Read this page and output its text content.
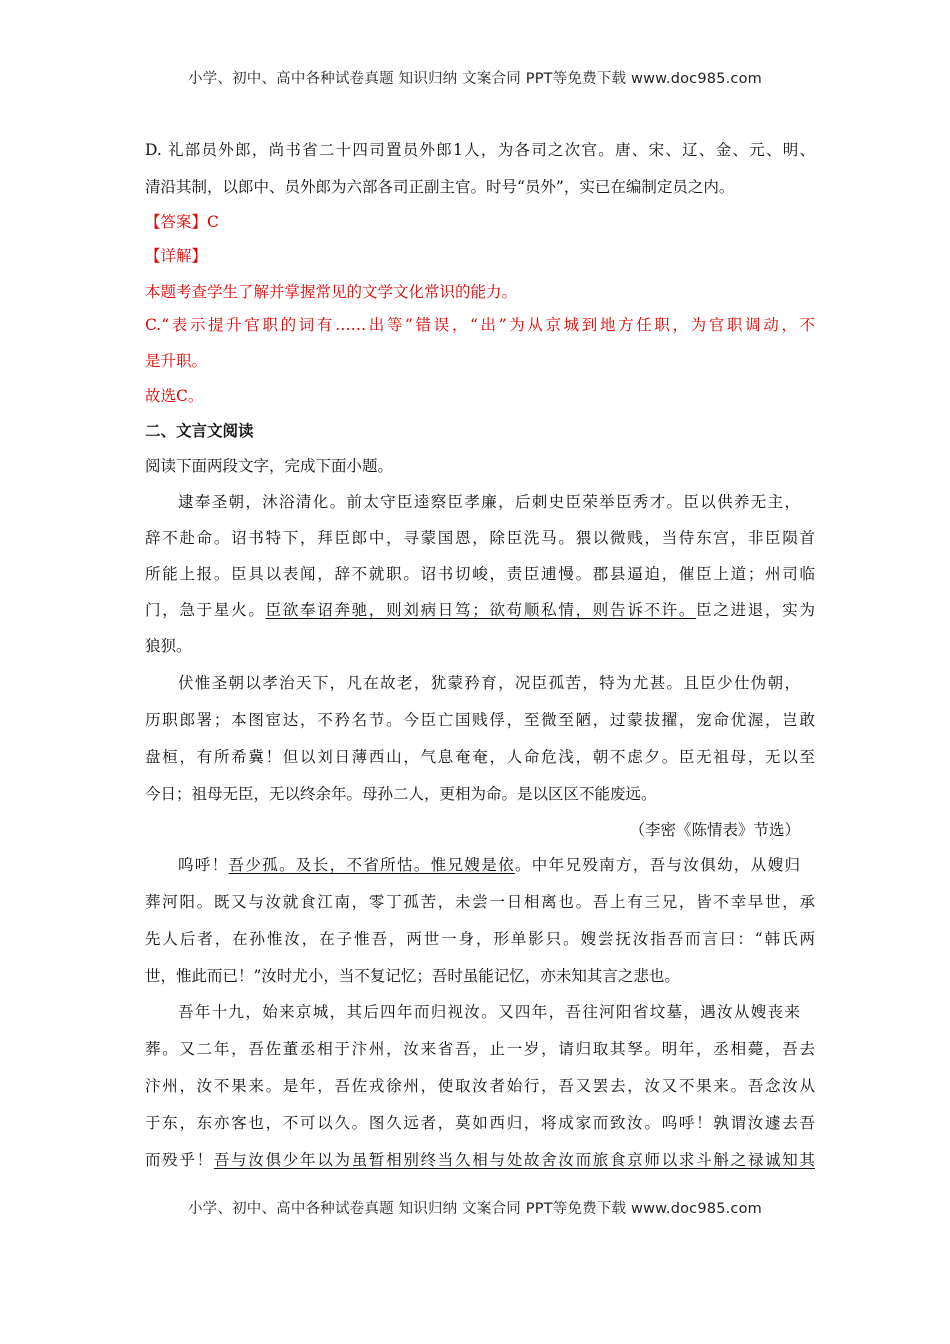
小学、初中、高中各种试卷真题 知识归纳 文案合同 PPT等免费下载 www.doc985.com
D. 礼部员外郎，尚书省二十四司置员外郎1人，为各司之次官。唐、宋、辽、金、元、明、
清沿其制，以郎中、员外郎为六部各司正副主官。时号“员外”，实已在编制定员之内。
【答案】C
【详解】
本题考查学生了解并掌握常见的文学文化常识的能力。
C.“表示提升官职的词有……出等”错误，“出”为从京城到地方任职，为官职调动，不
是升职。
故选C。
二、文言文阅读
阅读下面两段文字，完成下面小题。
逮奉圣朝，沐浴清化。前太守臣逵察臣孝廉，后刺史臣荣举臣秀才。臣以供养无主，
辞不赴命。诏书特下，拜臣郎中，寻蒙国恩，除臣洗马。猥以微贱，当侍东宫，非臣陨首
所能上报。臣具以表闻，辞不就职。诏书切峻，责臣逋慢。郡县逼迫，催臣上道；州司临
门，急于星火。臣欲奉诏奔驰，则刘病日笃；欲苟顺私情，则告诉不许。臣之进退，实为
狼狈。
伏惟圣朝以孝治天下，凡在故老，犹蒙矜育，况臣孤苦，特为尤甚。且臣少仕伪朝，
历职郎署；本图宦达，不矜名节。今臣亡国贱俘，至微至陋，过蒙拔擢，宠命优渥，岂敢
盘桓，有所希冀！但以刘日薄西山，气息奄奄，人命危浅，朝不虑夕。臣无祖母，无以至
今日；祖母无臣，无以终余年。母孙二人，更相为命。是以区区不能废远。
（李密《陈情表》节选）
呜呼！吾少孤。及长，不省所怙。惟兄嫂是依。中年兄殁南方，吾与汝俱幼，从嫂归
葬河阳。既又与汝就食江南，零丁孤苦，未尝一日相离也。吾上有三兄，皆不幸早世，承
先人后者，在孙惟汝，在子惟吾，两世一身，形单影只。嫂尝抚汝指吾而言曰：“韩氏两
世，惟此而已！”汝时尤小，当不复记忆；吾时虽能记忆，亦未知其言之悲也。
吾年十九，始来京城，其后四年而归视汝。又四年，吾往河阳省坟墓，遇汝从嫂丧来
葬。又二年，吾佐董丞相于汴州，汝来省吾，止一岁，请归取其孥。明年，丞相薨，吾去
汴州，汝不果来。是年，吾佐戎徐州，使取汝者始行，吾又罢去，汝又不果来。吾念汝从
于东，东亦客也，不可以久。图久远者，莫如西归，将成家而致汝。呜呼！孰谓汝遽去吾
而殁乎！吾与汝俱少年以为虽暂相别终当久相与处故舍汝而旅食京师以求斗斛之禄诚知其
小学、初中、高中各种试卷真题 知识归纳 文案合同 PPT等免费下载 www.doc985.com
